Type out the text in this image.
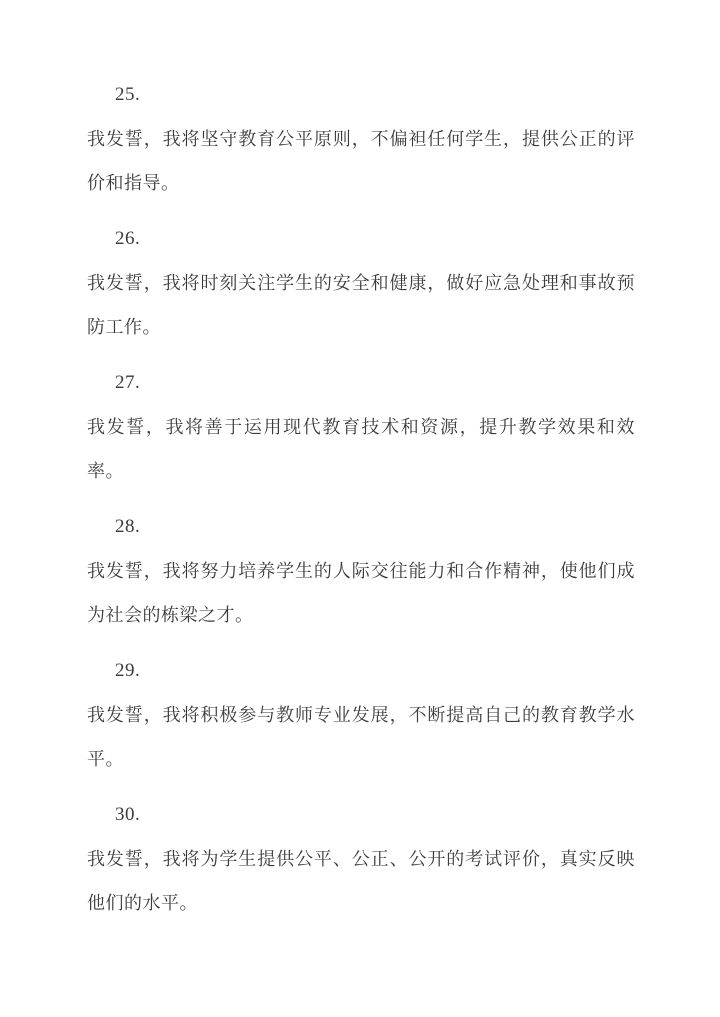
25.

我发誓，我将坚守教育公平原则，不偏袒任何学生，提供公正的评价和指导。

26.

我发誓，我将时刻关注学生的安全和健康，做好应急处理和事故预防工作。

27.

我发誓，我将善于运用现代教育技术和资源，提升教学效果和效率。

28.

我发誓，我将努力培养学生的人际交往能力和合作精神，使他们成为社会的栋梁之才。

29.

我发誓，我将积极参与教师专业发展，不断提高自己的教育教学水平。

30.

我发誓，我将为学生提供公平、公正、公开的考试评价，真实反映他们的水平。
